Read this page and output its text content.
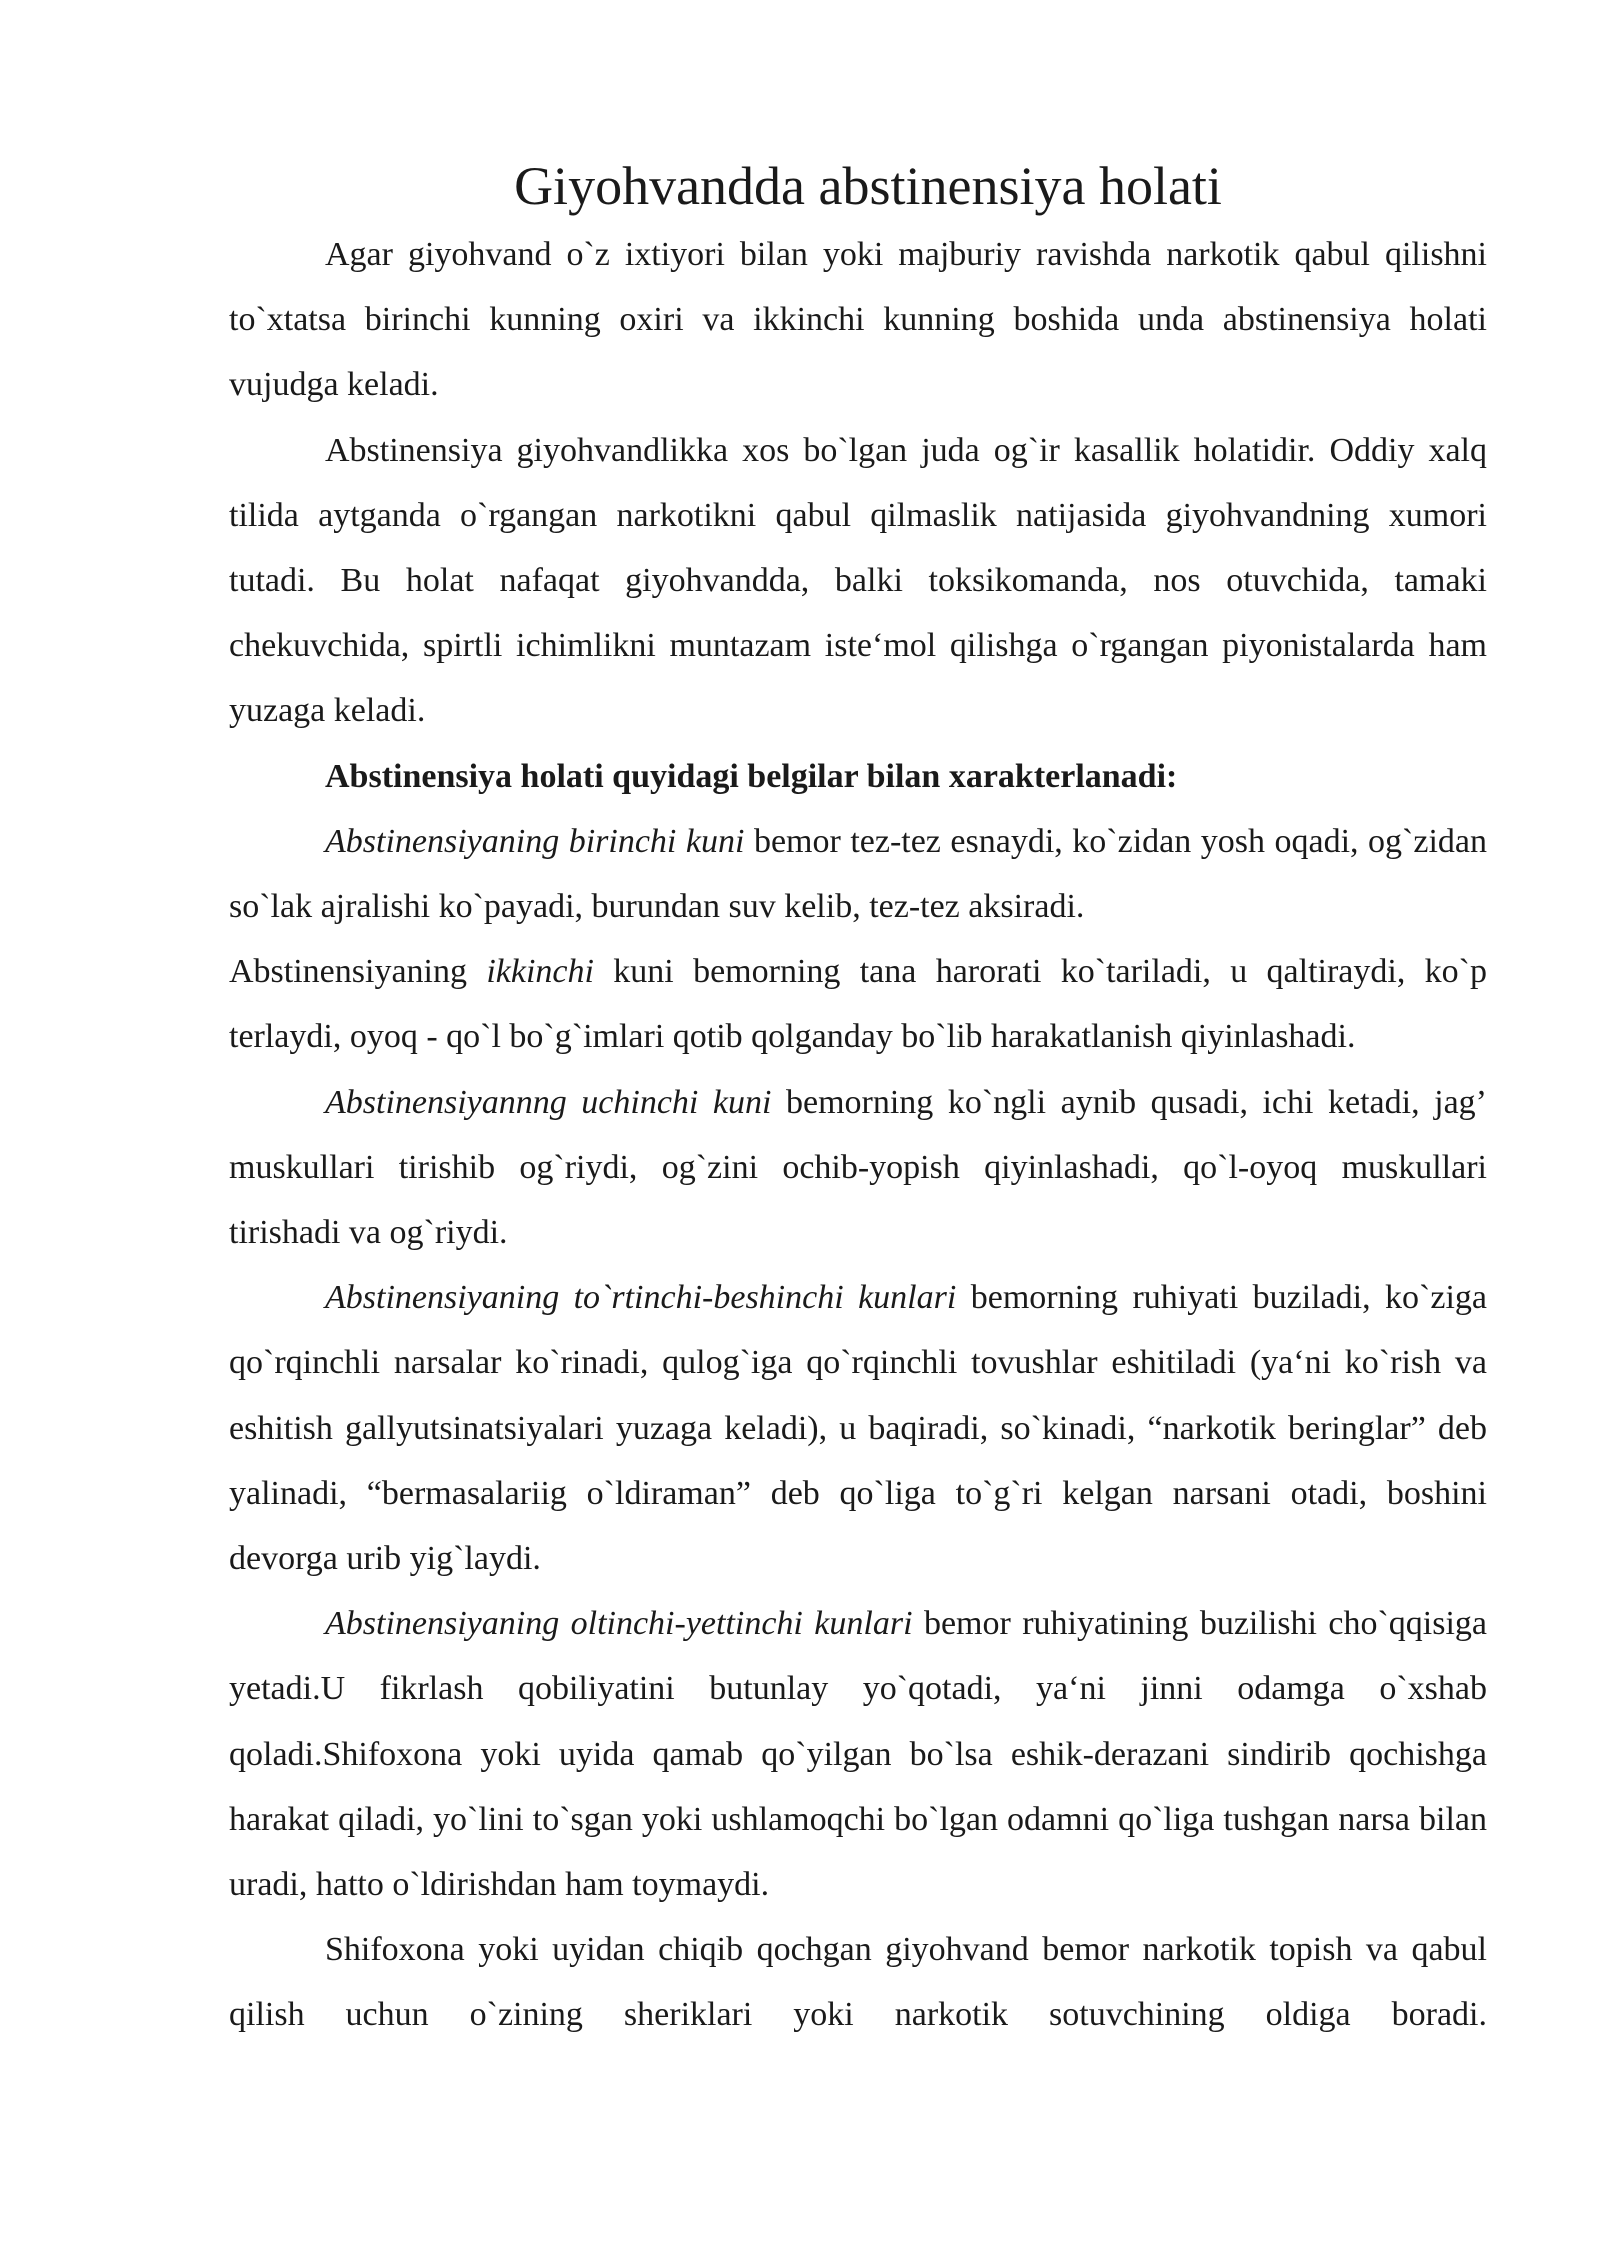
Giyohvandda abstinensiya holati

Agar giyohvand o`z ixtiyori bilan yoki majburiy ravishda narkotik qabul qilishni to`xtatsa birinchi kunning oxiri va ikkinchi kunning boshida unda abstinensiya holati vujudga keladi.

Abstinensiya giyohvandlikka xos bo`lgan juda og`ir kasallik holatidir. Oddiy xalq tilida aytganda o`rgangan narkotikni qabul qilmaslik natijasida giyohvandning xumori tutadi. Bu holat nafaqat giyohvandda, balki toksikomanda, nos otuvchida, tamaki chekuvchida, spirtli ichimlikni muntazam iste‘mol qilishga o`rgangan piyonistalarda ham yuzaga keladi.

Abstinensiya holati quyidagi belgilar bilan xarakterlanadi:

Abstinensiyaning birinchi kuni bemor tez-tez esnaydi, ko`zidan yosh oqadi, og`zidan so`lak ajralishi ko`payadi, burundan suv kelib, tez-tez aksiradi.

Abstinensiyaning ikkinchi kuni bemorning tana harorati ko`tariladi, u qaltiraydi, ko`p terlaydi, oyoq - qo`l bo`g`imlari qotib qolganday bo`lib harakatlanish qiyinlashadi.

Abstinensiyannng uchinchi kuni bemorning ko`ngli aynib qusadi, ichi ketadi, jag’ muskullari tirishib og`riydi, og`zini ochib-yopish qiyinlashadi, qo`l-oyoq muskullari tirishadi va og`riydi.

Abstinensiyaning to`rtinchi-beshinchi kunlari bemorning ruhiyati buziladi, ko`ziga qo`rqinchli narsalar ko`rinadi, qulog`iga qo`rqinchli tovushlar eshitiladi (ya‘ni ko`rish va eshitish gallyutsinatsiyalari yuzaga keladi), u baqiradi, so`kinadi, “narkotik beringlar” deb yalinadi, “bermasalariig o`ldiraman” deb qo`liga to`g`ri kelgan narsani otadi, boshini devorga urib yig`laydi.

Abstinensiyaning oltinchi-yettinchi kunlari bemor ruhiyatining buzilishi cho`qqisiga yetadi.U fikrlash qobiliyatini butunlay yo`qotadi, ya‘ni jinni odamga o`xshab qoladi.Shifoxona yoki uyida qamab qo`yilgan bo`lsa eshik-derazani sindirib qochishga harakat qiladi, yo`lini to`sgan yoki ushlamoqchi bo`lgan odamni qo`liga tushgan narsa bilan uradi, hatto o`ldirishdan ham toymaydi.

Shifoxona yoki uyidan chiqib qochgan giyohvand bemor narkotik topish va qabul qilish uchun o`zining sheriklari yoki narkotik sotuvchining oldiga boradi.
